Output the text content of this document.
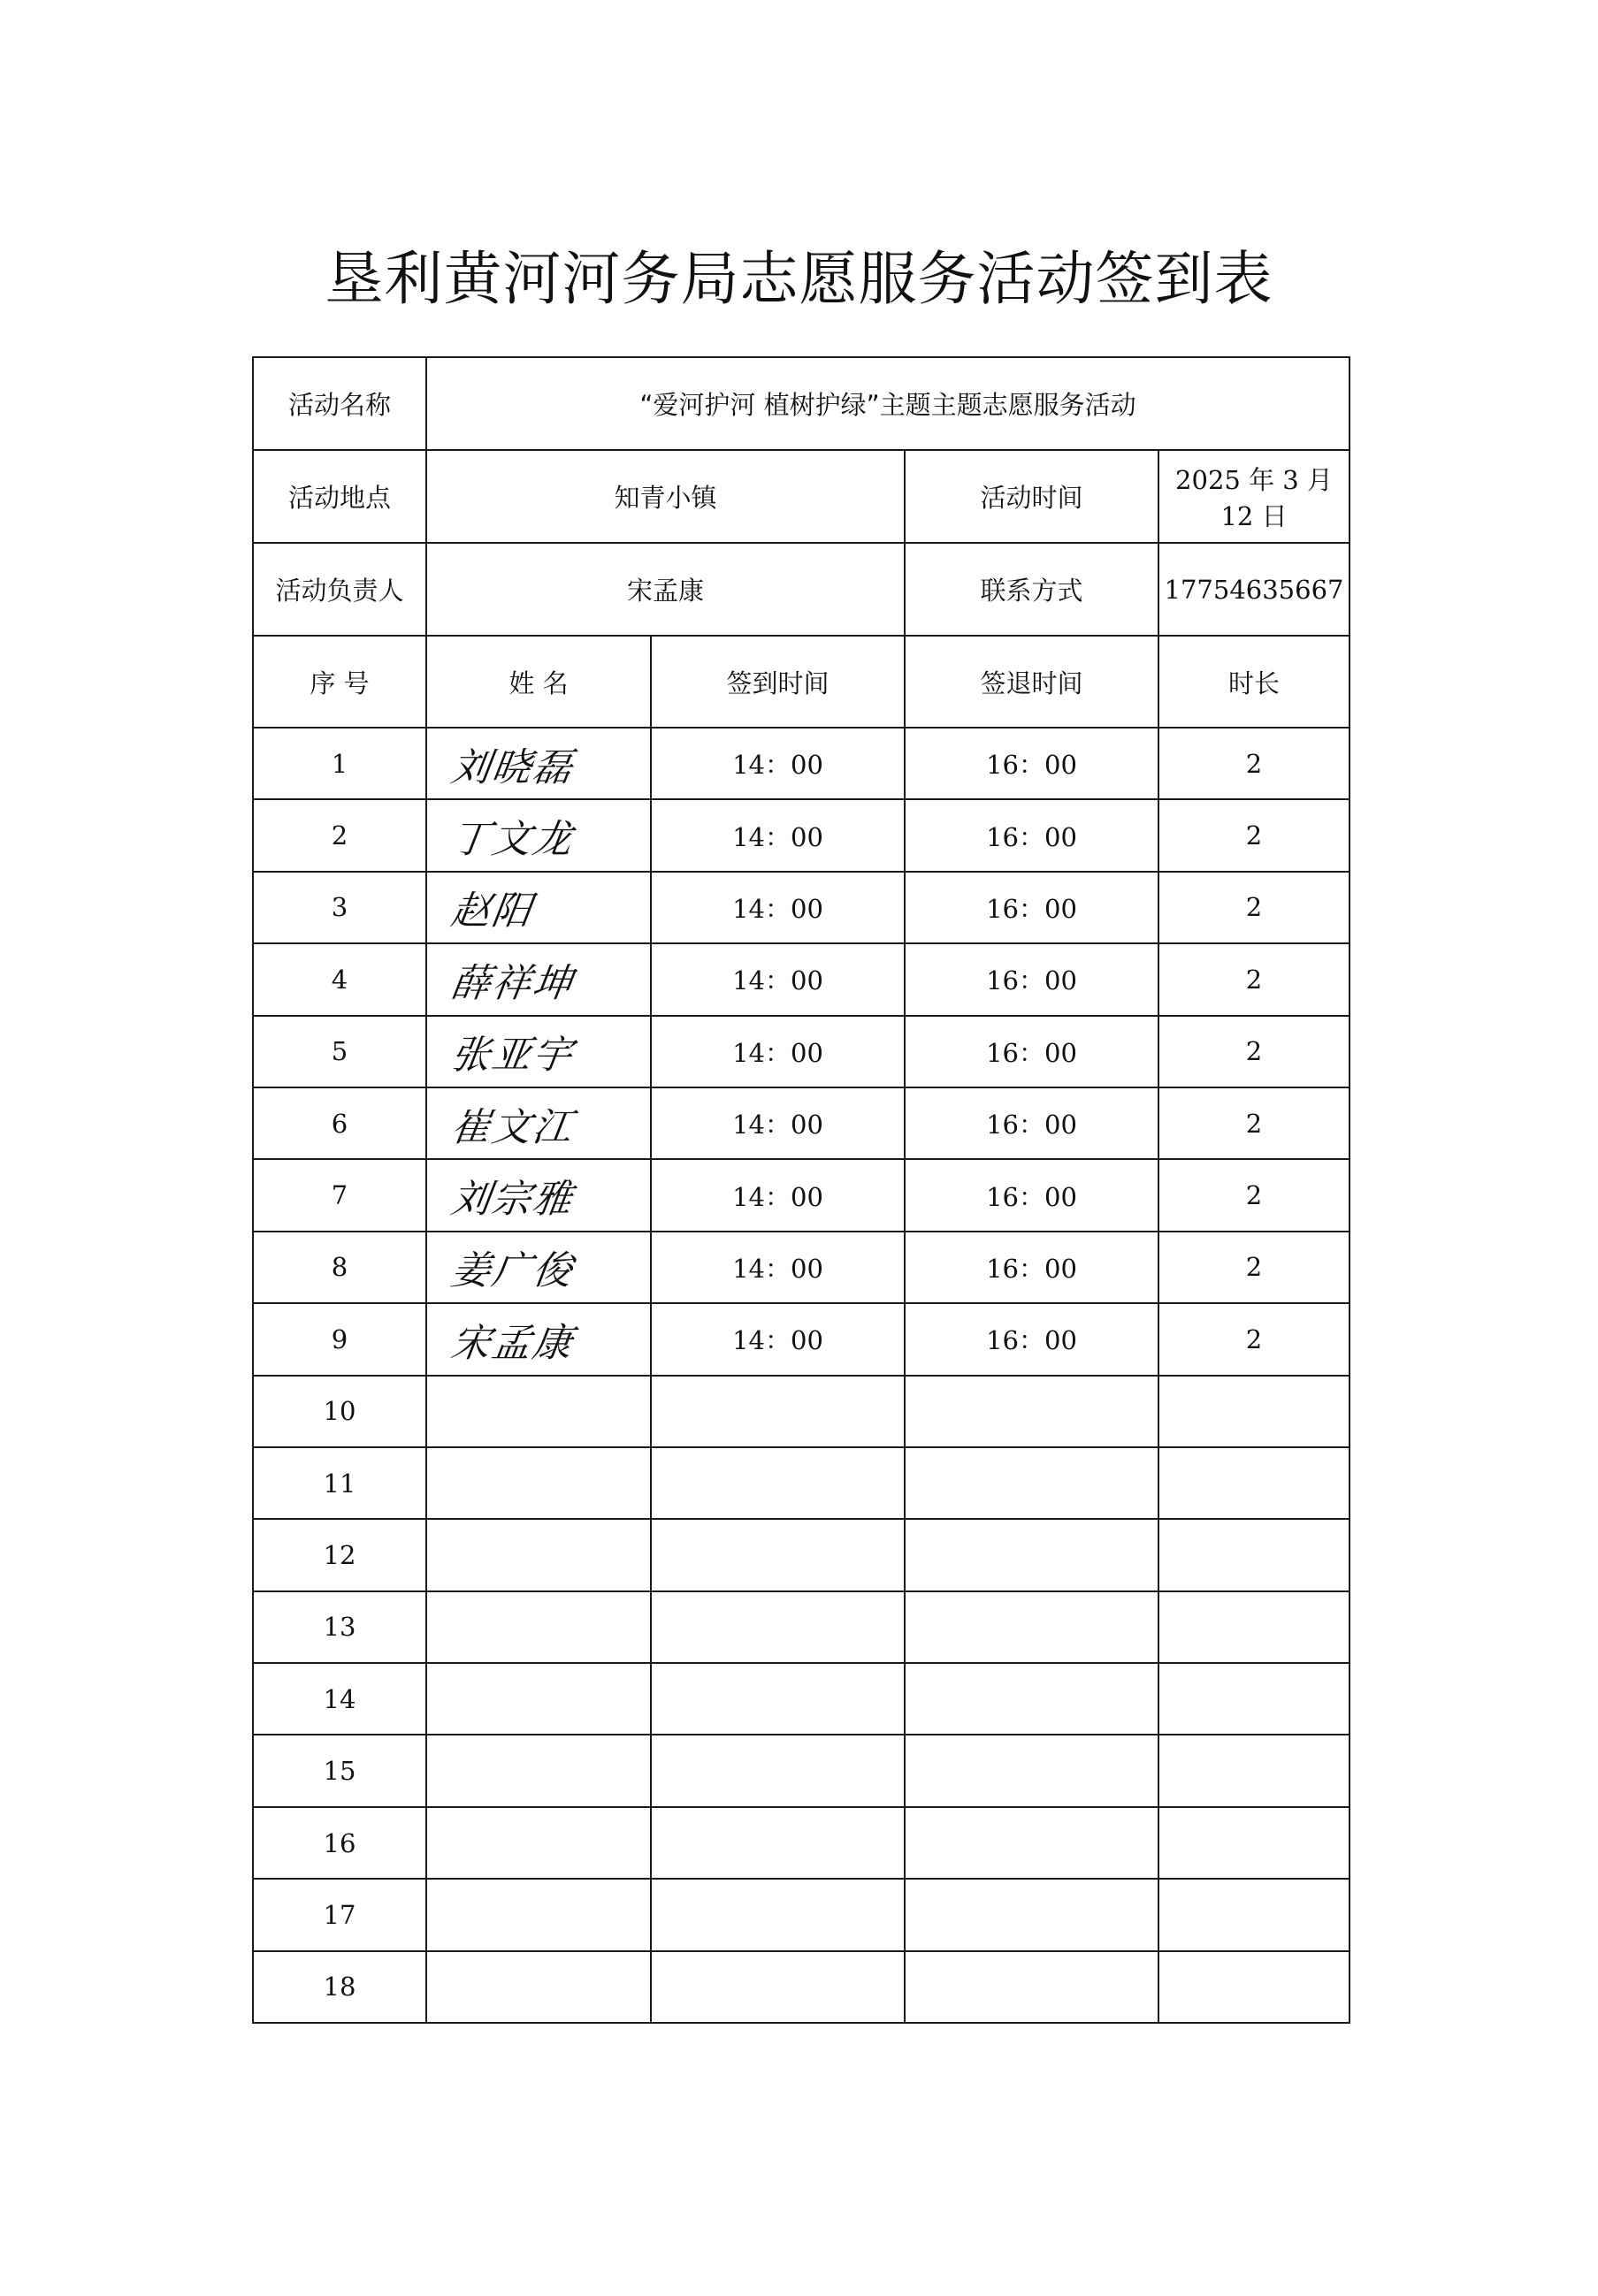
垦利黄河河务局志愿服务活动签到表
活动名称	“爱河护河 植树护绿”主题主题志愿服务活动			
活动地点	知青小镇		活动时间	2025 年 3 月 12 日
活动负责人	宋孟康		联系方式	17754635667
序 号	姓 名	签到时间	签退时间	时长
1	刘晓磊	14：00	16：00	2
2	丁文龙	14：00	16：00	2
3	赵阳	14：00	16：00	2
4	薛祥坤	14：00	16：00	2
5	张亚宇	14：00	16：00	2
6	崔文江	14：00	16：00	2
7	刘宗雅	14：00	16：00	2
8	姜广俊	14：00	16：00	2
9	宋孟康	14：00	16：00	2
10				
11				
12				
13				
14				
15				
16				
17				
18				
